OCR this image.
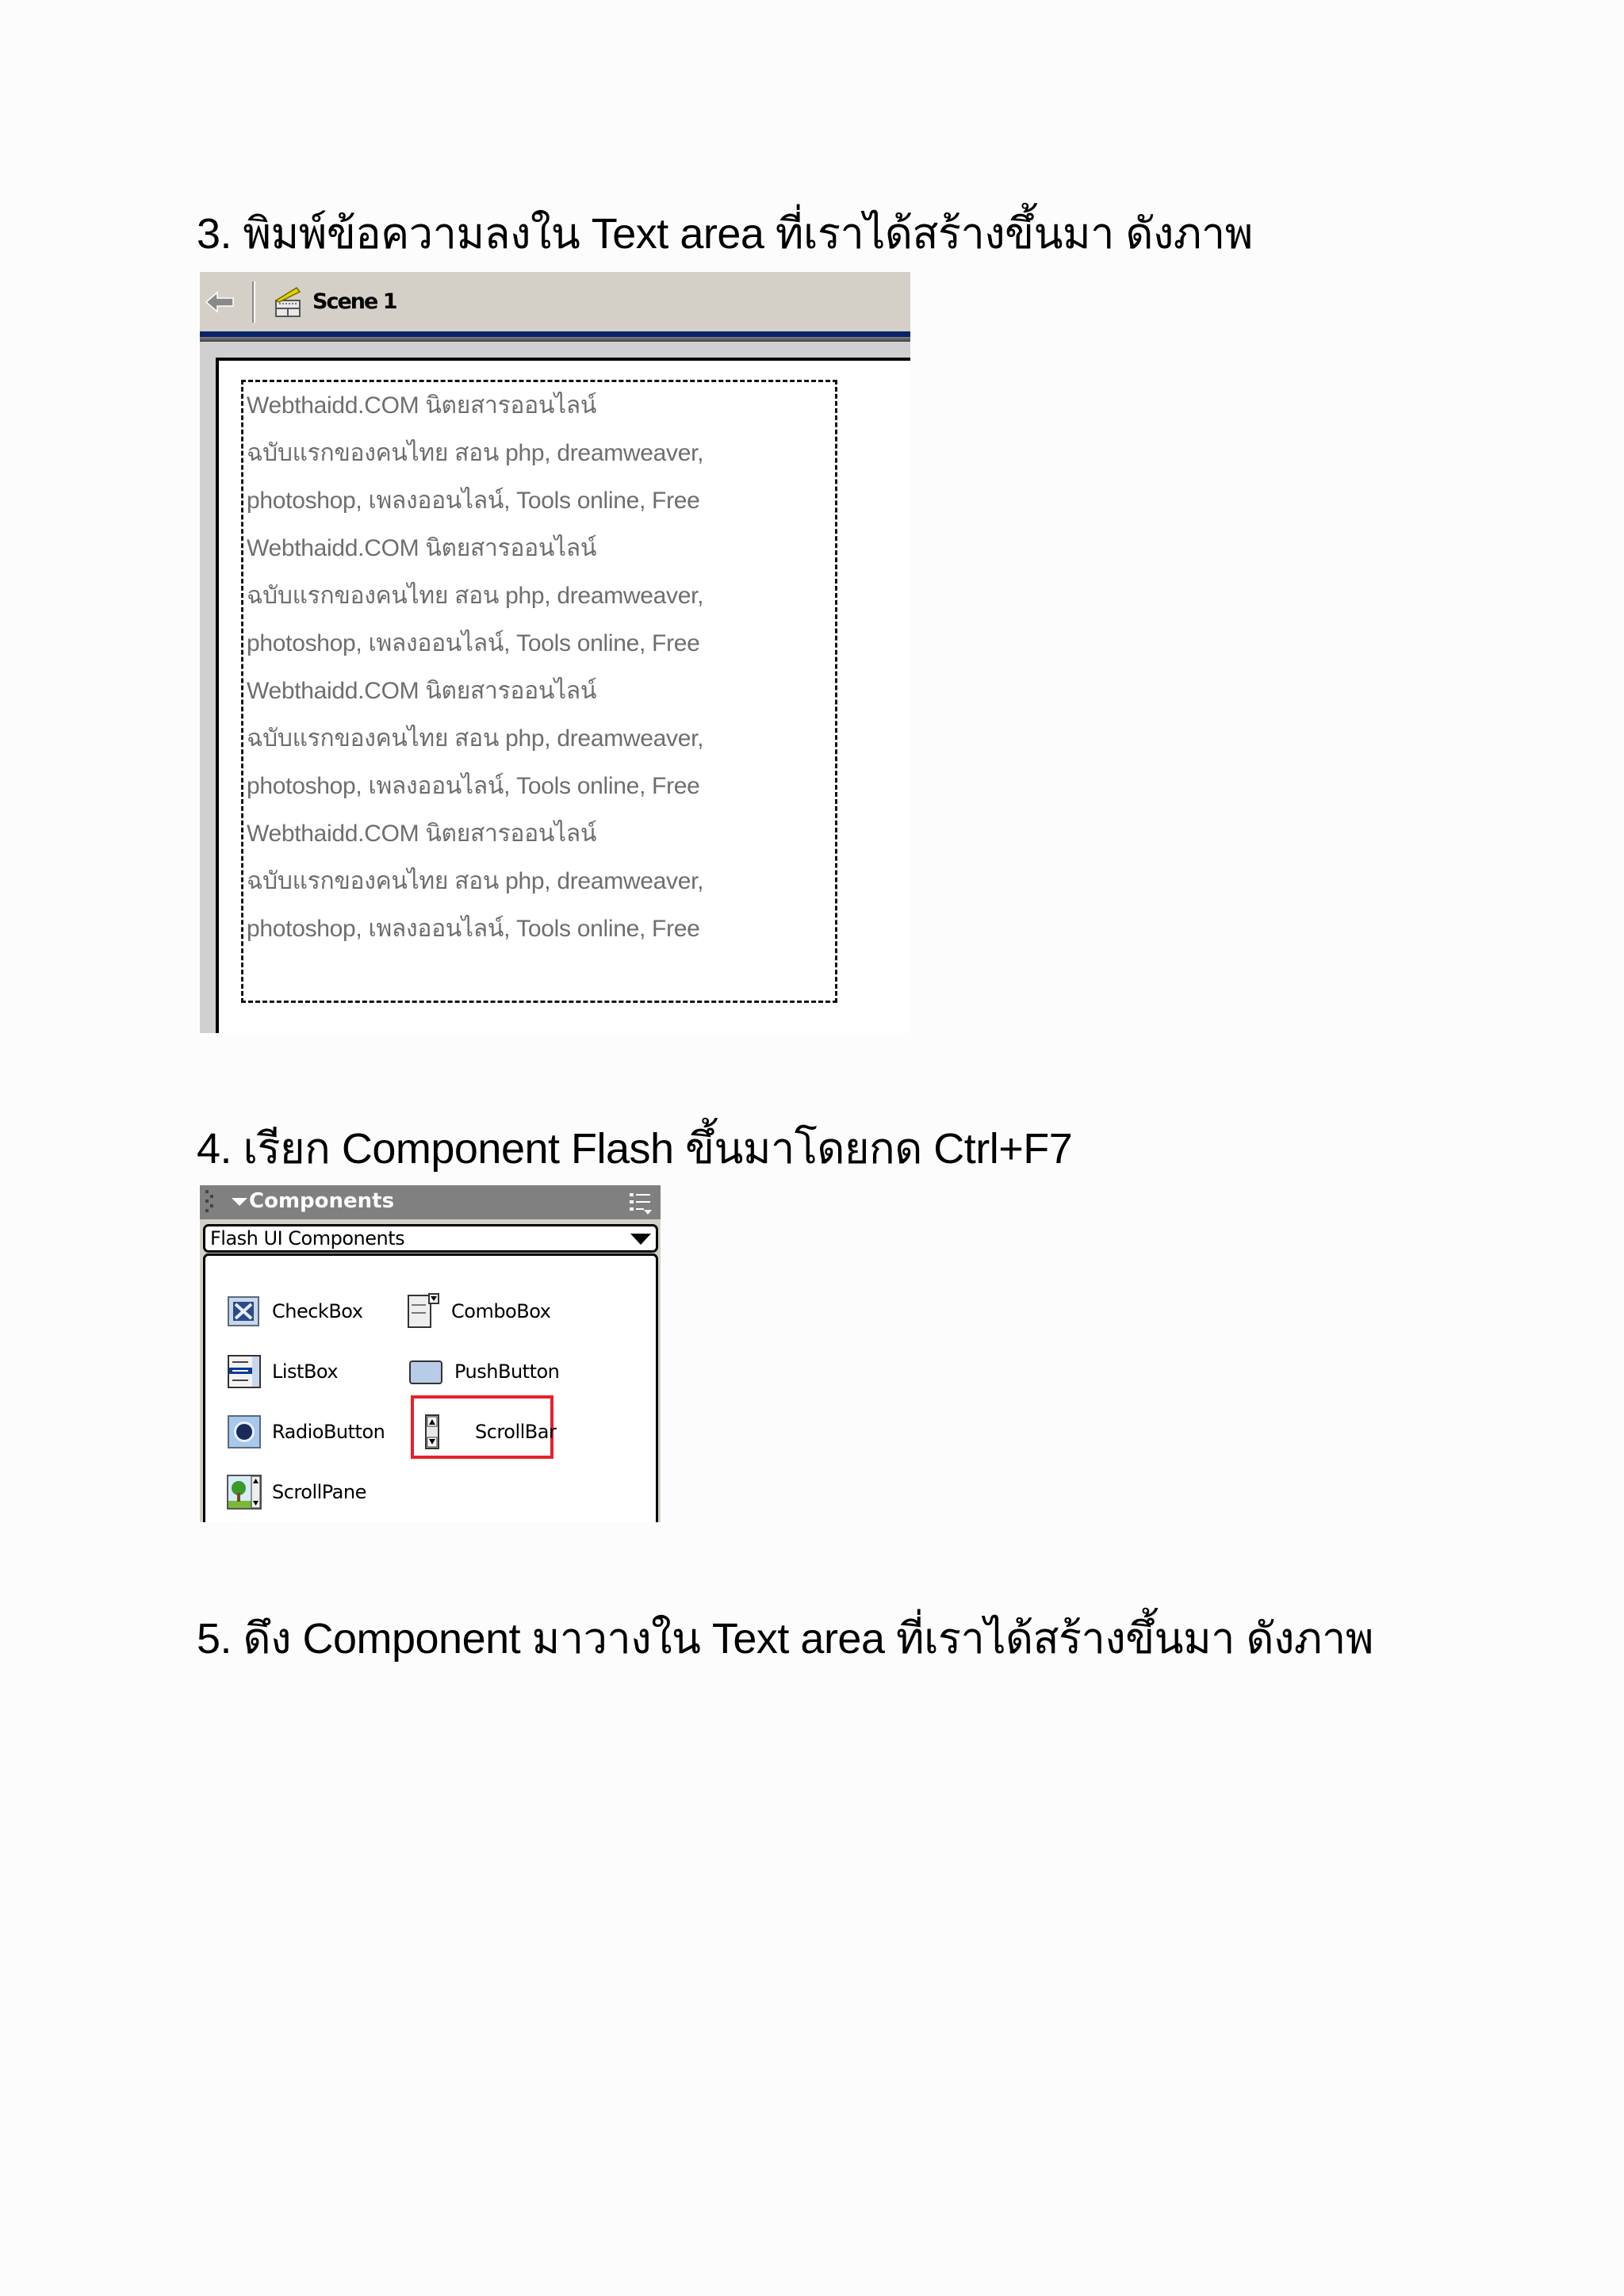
3. พิมพ์ข้อความลงใน Text area ที่เราได้สร้างขึ้นมา ดังภาพ
Scene 1
Webthaidd.COM นิตยสารออนไลน์
ฉบับแรกของคนไทย สอน php, dreamweaver,
photoshop, เพลงออนไลน์, Tools online, Free
Webthaidd.COM นิตยสารออนไลน์
ฉบับแรกของคนไทย สอน php, dreamweaver,
photoshop, เพลงออนไลน์, Tools online, Free
Webthaidd.COM นิตยสารออนไลน์
ฉบับแรกของคนไทย สอน php, dreamweaver,
photoshop, เพลงออนไลน์, Tools online, Free
Webthaidd.COM นิตยสารออนไลน์
ฉบับแรกของคนไทย สอน php, dreamweaver,
photoshop, เพลงออนไลน์, Tools online, Free
4. เรียก Component Flash ขึ้นมาโดยกด Ctrl+F7
Components
Flash UI Components
CheckBox	ComboBox
ListBox	PushButton
RadioButton	ScrollBar
ScrollPane
5. ดึง Component มาวางใน Text area ที่เราได้สร้างขึ้นมา ดังภาพ
